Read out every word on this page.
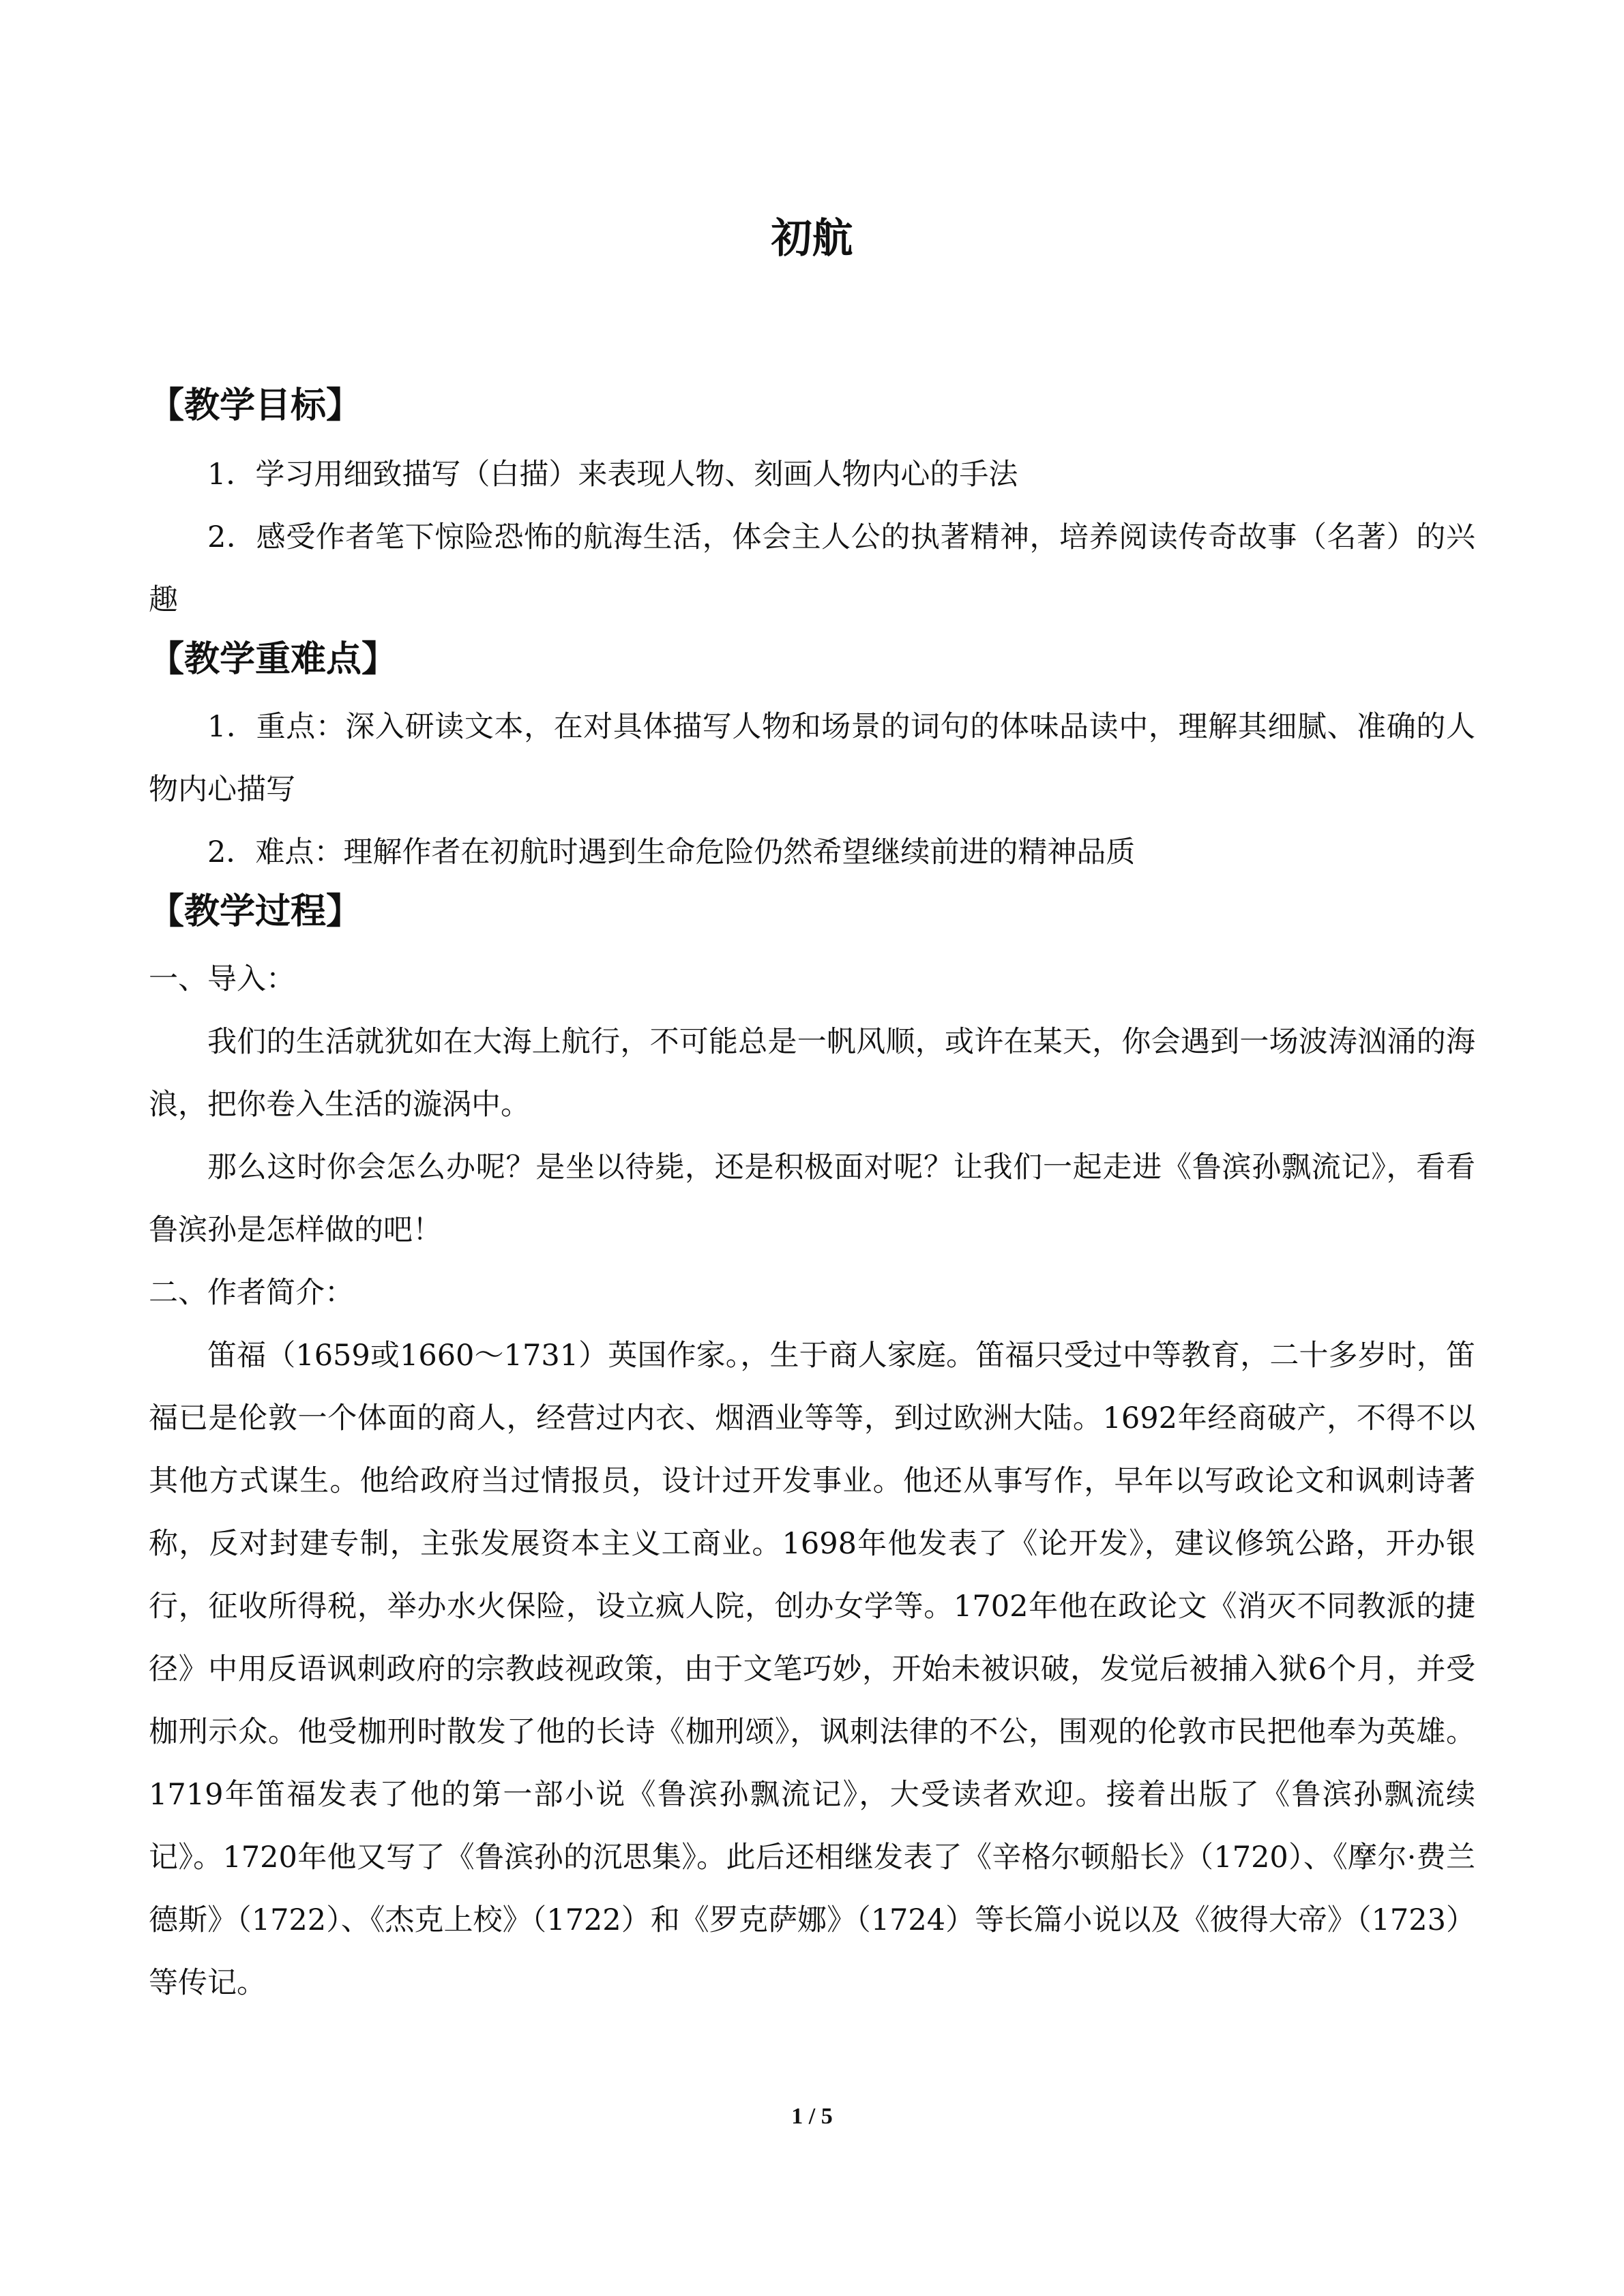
初航
【教学目标】

1．学习用细致描写（白描）来表现人物、刻画人物内心的手法

2．感受作者笔下惊险恐怖的航海生活，体会主人公的执著精神，培养阅读传奇故事（名著）的兴趣

【教学重难点】

1．重点：深入研读文本，在对具体描写人物和场景的词句的体味品读中，理解其细腻、准确的人物内心描写

2．难点：理解作者在初航时遇到生命危险仍然希望继续前进的精神品质

【教学过程】

一、导入：

我们的生活就犹如在大海上航行，不可能总是一帆风顺，或许在某天，你会遇到一场波涛汹涌的海浪，把你卷入生活的漩涡中。

那么这时你会怎么办呢？是坐以待毙，还是积极面对呢？让我们一起走进《鲁滨孙飘流记》，看看鲁滨孙是怎样做的吧！

二、作者简介：

笛福（1659或1660～1731）英国作家。，生于商人家庭。笛福只受过中等教育，二十多岁时，笛福已是伦敦一个体面的商人，经营过内衣、烟酒业等等，到过欧洲大陆。1692年经商破产，不得不以其他方式谋生。他给政府当过情报员，设计过开发事业。他还从事写作，早年以写政论文和讽刺诗著称，反对封建专制，主张发展资本主义工商业。1698年他发表了《论开发》，建议修筑公路，开办银行，征收所得税，举办水火保险，设立疯人院，创办女学等。1702年他在政论文《消灭不同教派的捷径》中用反语讽刺政府的宗教歧视政策，由于文笔巧妙，开始未被识破，发觉后被捕入狱6个月，并受枷刑示众。他受枷刑时散发了他的长诗《枷刑颂》，讽刺法律的不公，围观的伦敦市民把他奉为英雄。1719年笛福发表了他的第一部小说《鲁滨孙飘流记》，大受读者欢迎。接着出版了《鲁滨孙飘流续记》。1720年他又写了《鲁滨孙的沉思集》。此后还相继发表了《辛格尔顿船长》（1720）、《摩尔·费兰德斯》（1722）、《杰克上校》（1722）和《罗克萨娜》（1724）等长篇小说以及《彼得大帝》（1723）等传记。

1 / 5
